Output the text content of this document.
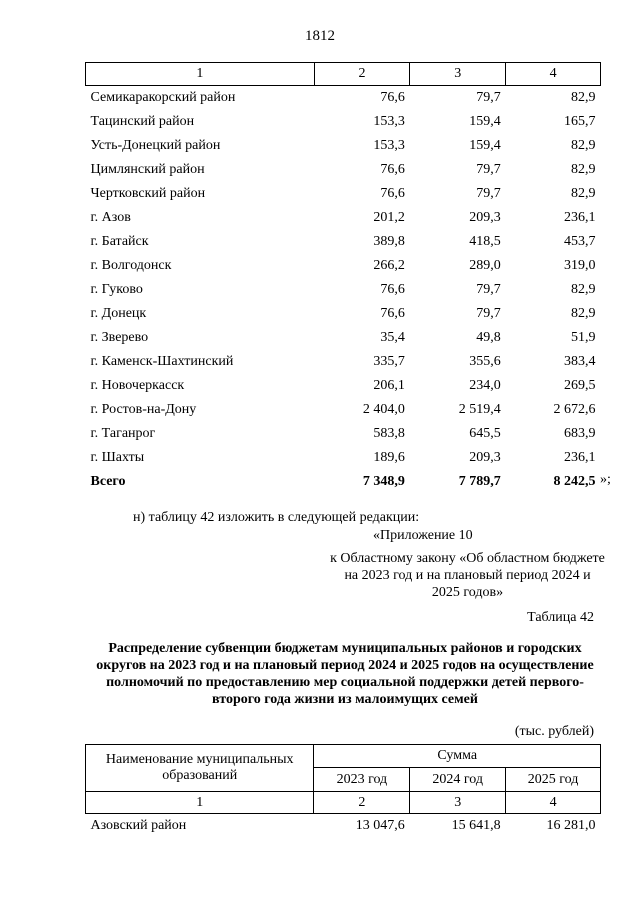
1812
1	2	3	4
Семикаракорский район	76,6	79,7	82,9
Тацинский район	153,3	159,4	165,7
Усть-Донецкий район	153,3	159,4	82,9
Цимлянский район	76,6	79,7	82,9
Чертковский район	76,6	79,7	82,9
г. Азов	201,2	209,3	236,1
г. Батайск	389,8	418,5	453,7
г. Волгодонск	266,2	289,0	319,0
г. Гуково	76,6	79,7	82,9
г. Донецк	76,6	79,7	82,9
г. Зверево	35,4	49,8	51,9
г. Каменск-Шахтинский	335,7	355,6	383,4
г. Новочеркасск	206,1	234,0	269,5
г. Ростов-на-Дону	2 404,0	2 519,4	2 672,6
г. Таганрог	583,8	645,5	683,9
г. Шахты	189,6	209,3	236,1
Всего	7 348,9	7 789,7	8 242,5 »;
н) таблицу 42 изложить в следующей редакции:
«Приложение 10
к Областному закону «Об областном бюджете на 2023 год и на плановый период 2024 и 2025 годов»
Таблица 42
Распределение субвенции бюджетам муниципальных районов и городских округов на 2023 год и на плановый период 2024 и 2025 годов на осуществление полномочий по предоставлению мер социальной поддержки детей первого-второго года жизни из малоимущих семей
(тыс. рублей)
Наименование муниципальных образований	Сумма		
	2023 год	2024 год	2025 год
1	2	3	4
Азовский район	13 047,6	15 641,8	16 281,0
